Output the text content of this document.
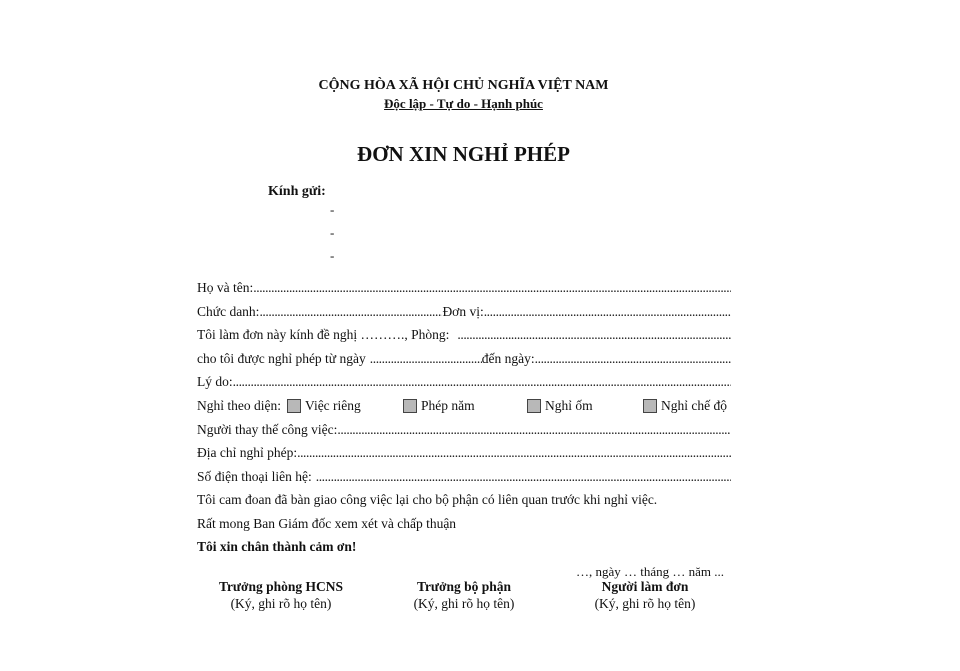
CỘNG HÒA XÃ HỘI CHỦ NGHĨA VIỆT NAM
Độc lập - Tự do - Hạnh phúc
ĐƠN XIN NGHỈ PHÉP
Kính gửi:
-
-
-
Họ và tên:
.....
Chức danh: .....	Đơn vị:
.....
Tôi làm đơn này kính đề nghị ………., Phòng:
.....
cho tôi được nghỉ phép từ ngày .....	đến ngày:
.....
Lý do:
.....
Nghỉ theo diện: Việc riêng	Phép năm	Nghỉ ốm	Nghỉ chế độ
Người thay thế công việc:
.....
Địa chỉ nghỉ phép:
.....
Số điện thoại liên hệ:
.....
Tôi cam đoan đã bàn giao công việc lại cho bộ phận có liên quan trước khi nghỉ việc.
Rất mong Ban Giám đốc xem xét và chấp thuận
Tôi xin chân thành cảm ơn!
…, ngày … tháng … năm ...
Trưởng phòng HCNS
(Ký, ghi rõ họ tên)
Trưởng bộ phận
(Ký, ghi rõ họ tên)
Người làm đơn
(Ký, ghi rõ họ tên)
